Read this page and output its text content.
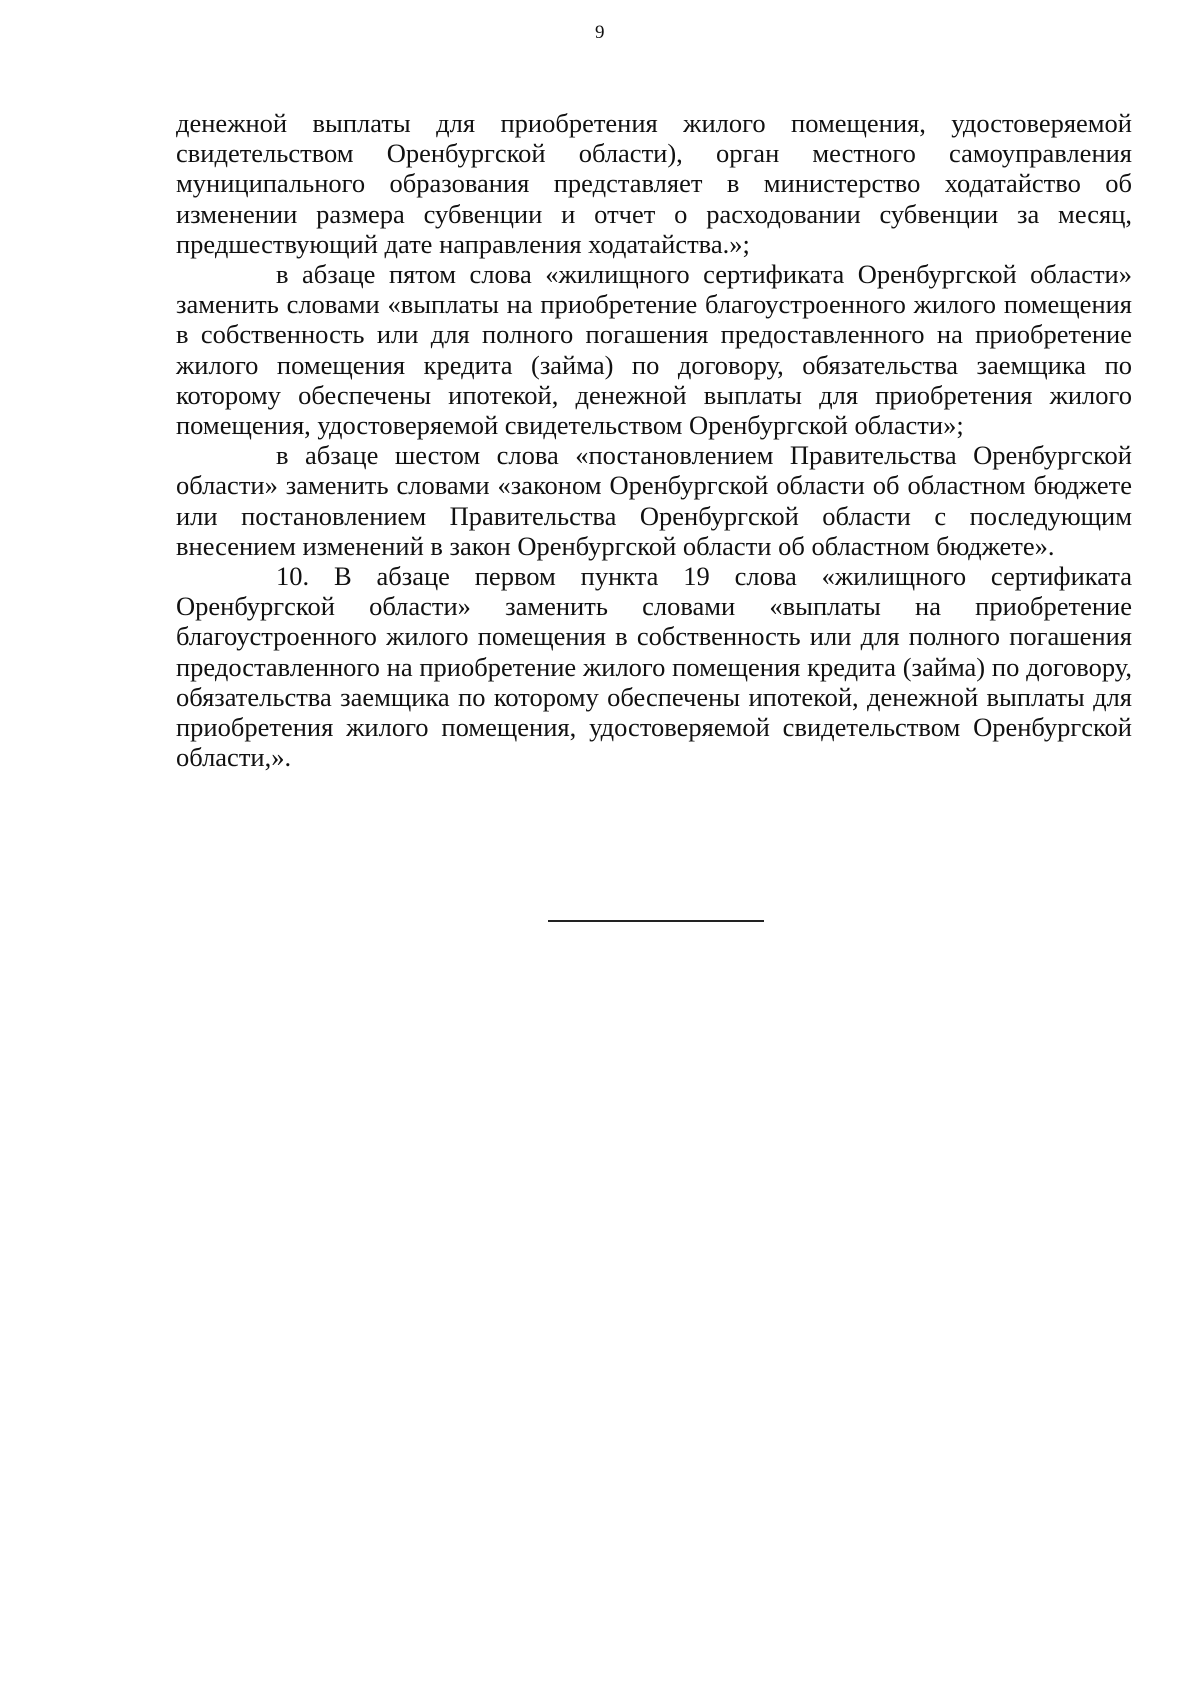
9

денежной выплаты для приобретения жилого помещения, удостоверяемой свидетельством Оренбургской области), орган местного самоуправления муниципального образования представляет в министерство ходатайство об изменении размера субвенции и отчет о расходовании субвенции за месяц, предшествующий дате направления ходатайства.»;

в абзаце пятом слова «жилищного сертификата Оренбургской области» заменить словами «выплаты на приобретение благоустроенного жилого помещения в собственность или для полного погашения предоставленного на приобретение жилого помещения кредита (займа) по договору, обязательства заемщика по которому обеспечены ипотекой, денежной выплаты для приобретения жилого помещения, удостоверяемой свидетельством Оренбургской области»;

в абзаце шестом слова «постановлением Правительства Оренбургской области» заменить словами «законом Оренбургской области об областном бюджете или постановлением Правительства Оренбургской области с последующим внесением изменений в закон Оренбургской области об областном бюджете».

10. В абзаце первом пункта 19 слова «жилищного сертификата Оренбургской области» заменить словами «выплаты на приобретение благоустроенного жилого помещения в собственность или для полного погашения предоставленного на приобретение жилого помещения кредита (займа) по договору, обязательства заемщика по которому обеспечены ипотекой, денежной выплаты для приобретения жилого помещения, удостоверяемой свидетельством Оренбургской области,».
